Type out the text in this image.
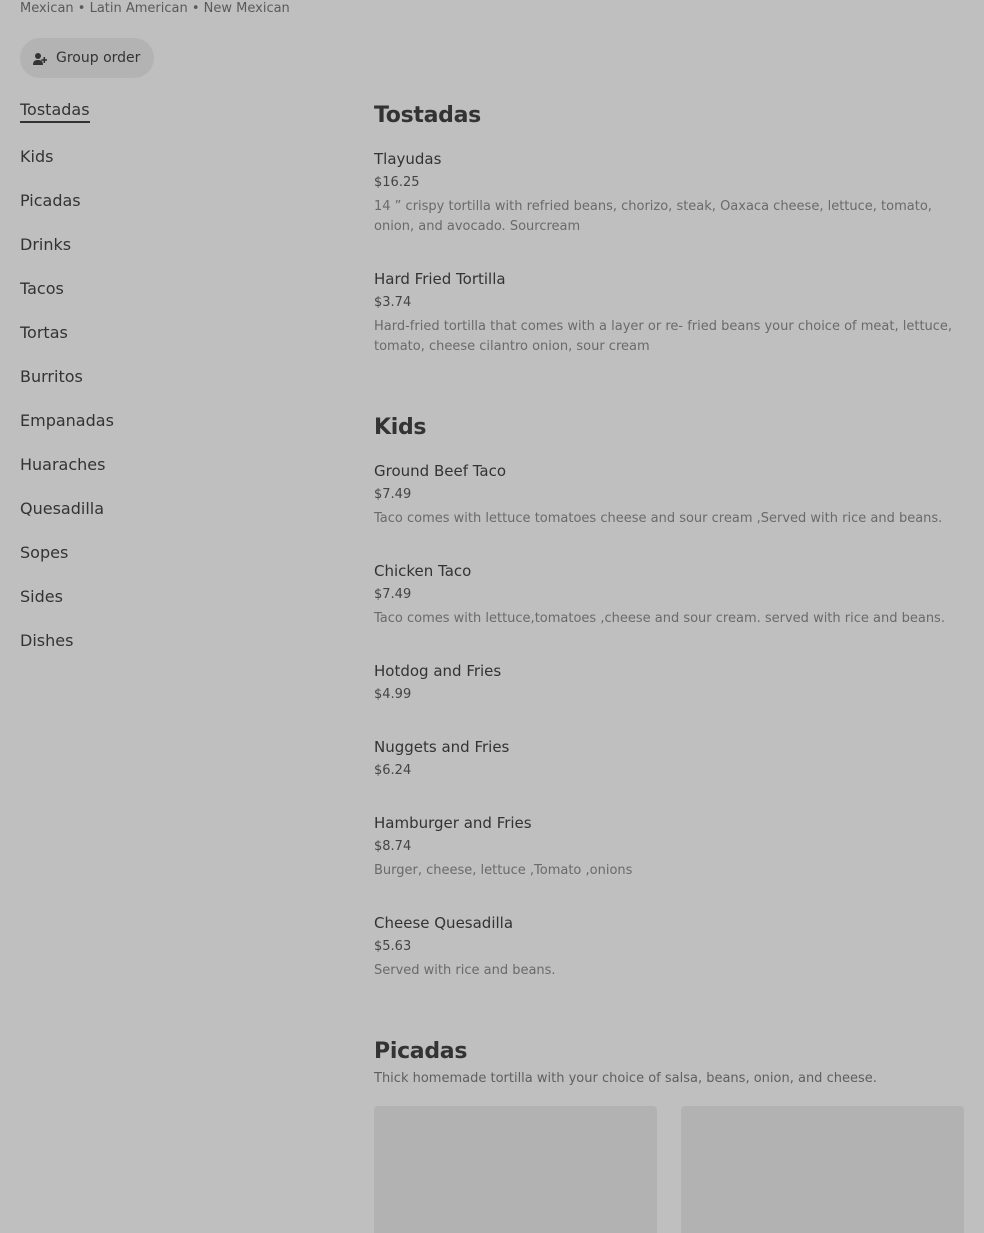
Mexican • Latin American • New Mexican
Group order
Tostadas
Kids
Picadas
Drinks
Tacos
Tortas
Burritos
Empanadas
Huaraches
Quesadilla
Sopes
Sides
Dishes
Tostadas
Tlayudas
$16.25
14 ” crispy tortilla with refried beans, chorizo, steak, Oaxaca cheese, lettuce, tomato, onion, and avocado. Sourcream
Hard Fried Tortilla
$3.74
Hard-fried tortilla that comes with a layer or re- fried beans your choice of meat, lettuce, tomato, cheese cilantro onion, sour cream
Kids
Ground Beef Taco
$7.49
Taco comes with lettuce tomatoes cheese and sour cream ,Served with rice and beans.
Chicken Taco
$7.49
Taco comes with lettuce,tomatoes ,cheese and sour cream. served with rice and beans.
Hotdog and Fries
$4.99
Nuggets and Fries
$6.24
Hamburger and Fries
$8.74
Burger, cheese, lettuce ,Tomato ,onions
Cheese Quesadilla
$5.63
Served with rice and beans.
Picadas
Thick homemade tortilla with your choice of salsa, beans, onion, and cheese.
